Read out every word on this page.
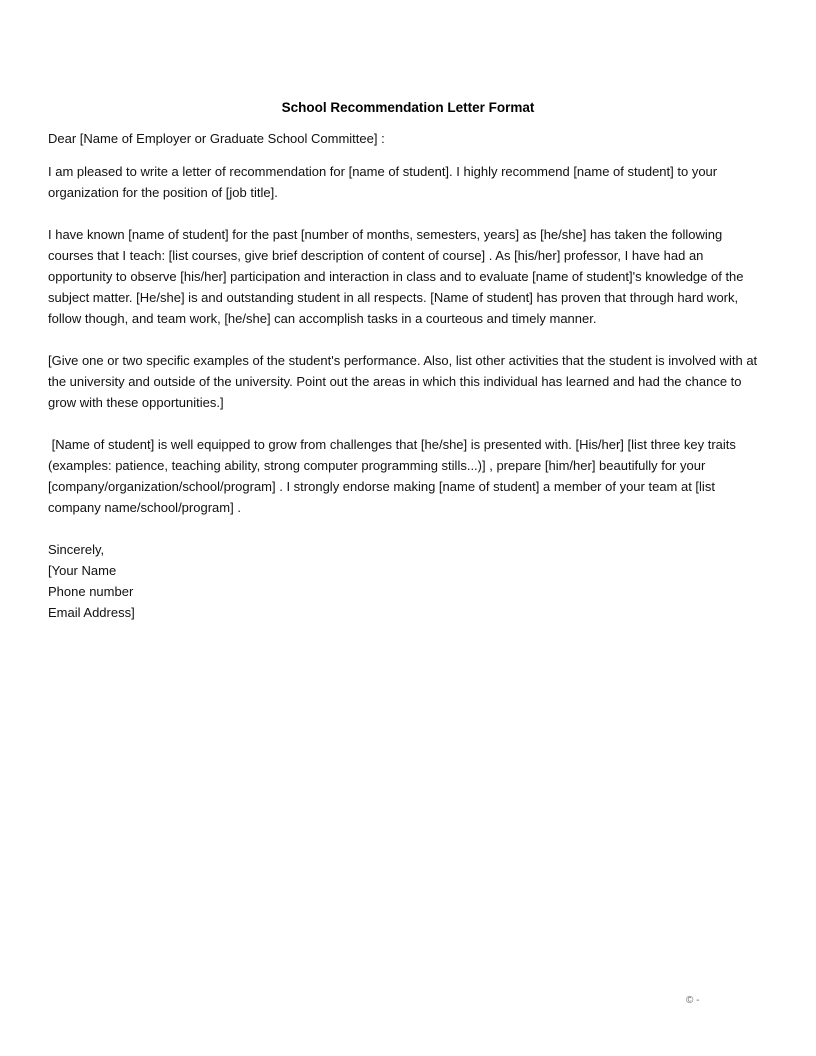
School Recommendation Letter Format

Dear [Name of Employer or Graduate School Committee] :

I am pleased to write a letter of recommendation for [name of student]. I highly recommend [name of student] to your organization for the position of [job title].

I have known [name of student] for the past [number of months, semesters, years] as [he/she] has taken the following courses that I teach: [list courses, give brief description of content of course] . As [his/her] professor, I have had an opportunity to observe [his/her] participation and interaction in class and to evaluate [name of student]'s knowledge of the subject matter. [He/she] is and outstanding student in all respects. [Name of student] has proven that through hard work, follow though, and team work, [he/she] can accomplish tasks in a courteous and timely manner.

[Give one or two specific examples of the student's performance. Also, list other activities that the student is involved with at the university and outside of the university. Point out the areas in which this individual has learned and had the chance to grow with these opportunities.]

[Name of student] is well equipped to grow from challenges that [he/she] is presented with. [His/her] [list three key traits (examples: patience, teaching ability, strong computer programming stills...)] , prepare [him/her] beautifully for your [company/organization/school/program] . I strongly endorse making [name of student] a member of your team at [list company name/school/program] .

Sincerely,
[Your Name
Phone number
Email Address]
© -
